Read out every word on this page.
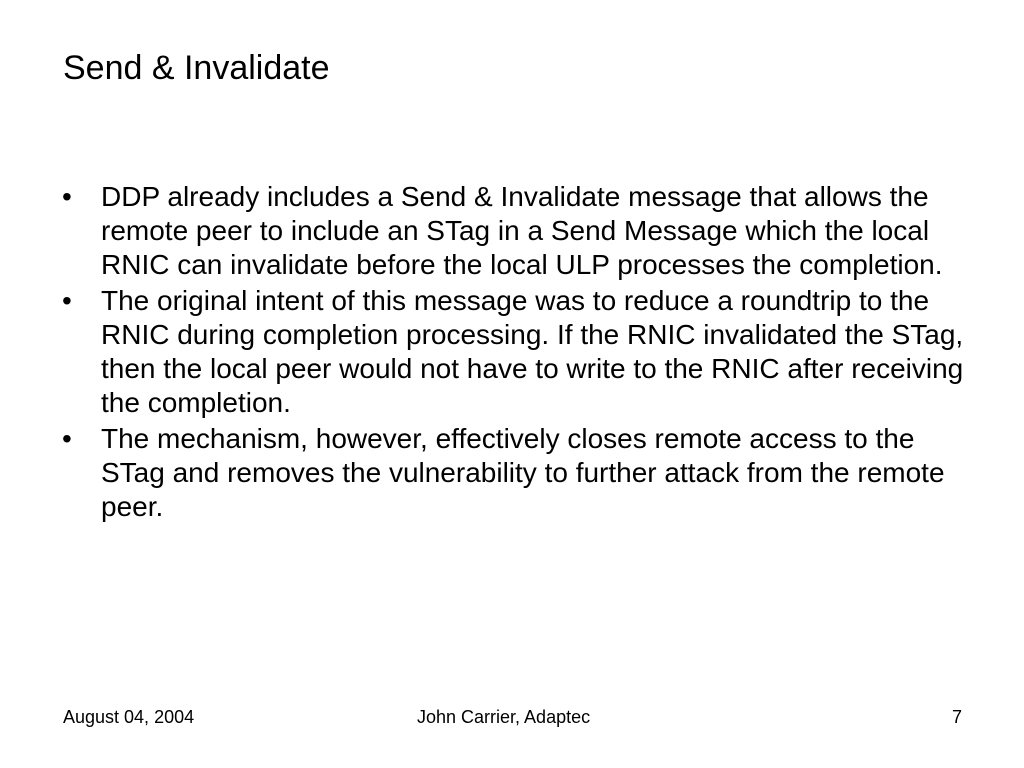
Send & Invalidate
•	DDP already includes a Send & Invalidate message that allows the remote peer to include an STag in a Send Message which the local RNIC can invalidate before the local ULP processes the completion.
•	The original intent of this message was to reduce a roundtrip to the RNIC during completion processing. If the RNIC invalidated the STag, then the local peer would not have to write to the RNIC after receiving the completion.
•	The mechanism, however, effectively closes remote access to the STag and removes the vulnerability to further attack from the remote peer.
August 04, 2004	John Carrier, Adaptec	7
